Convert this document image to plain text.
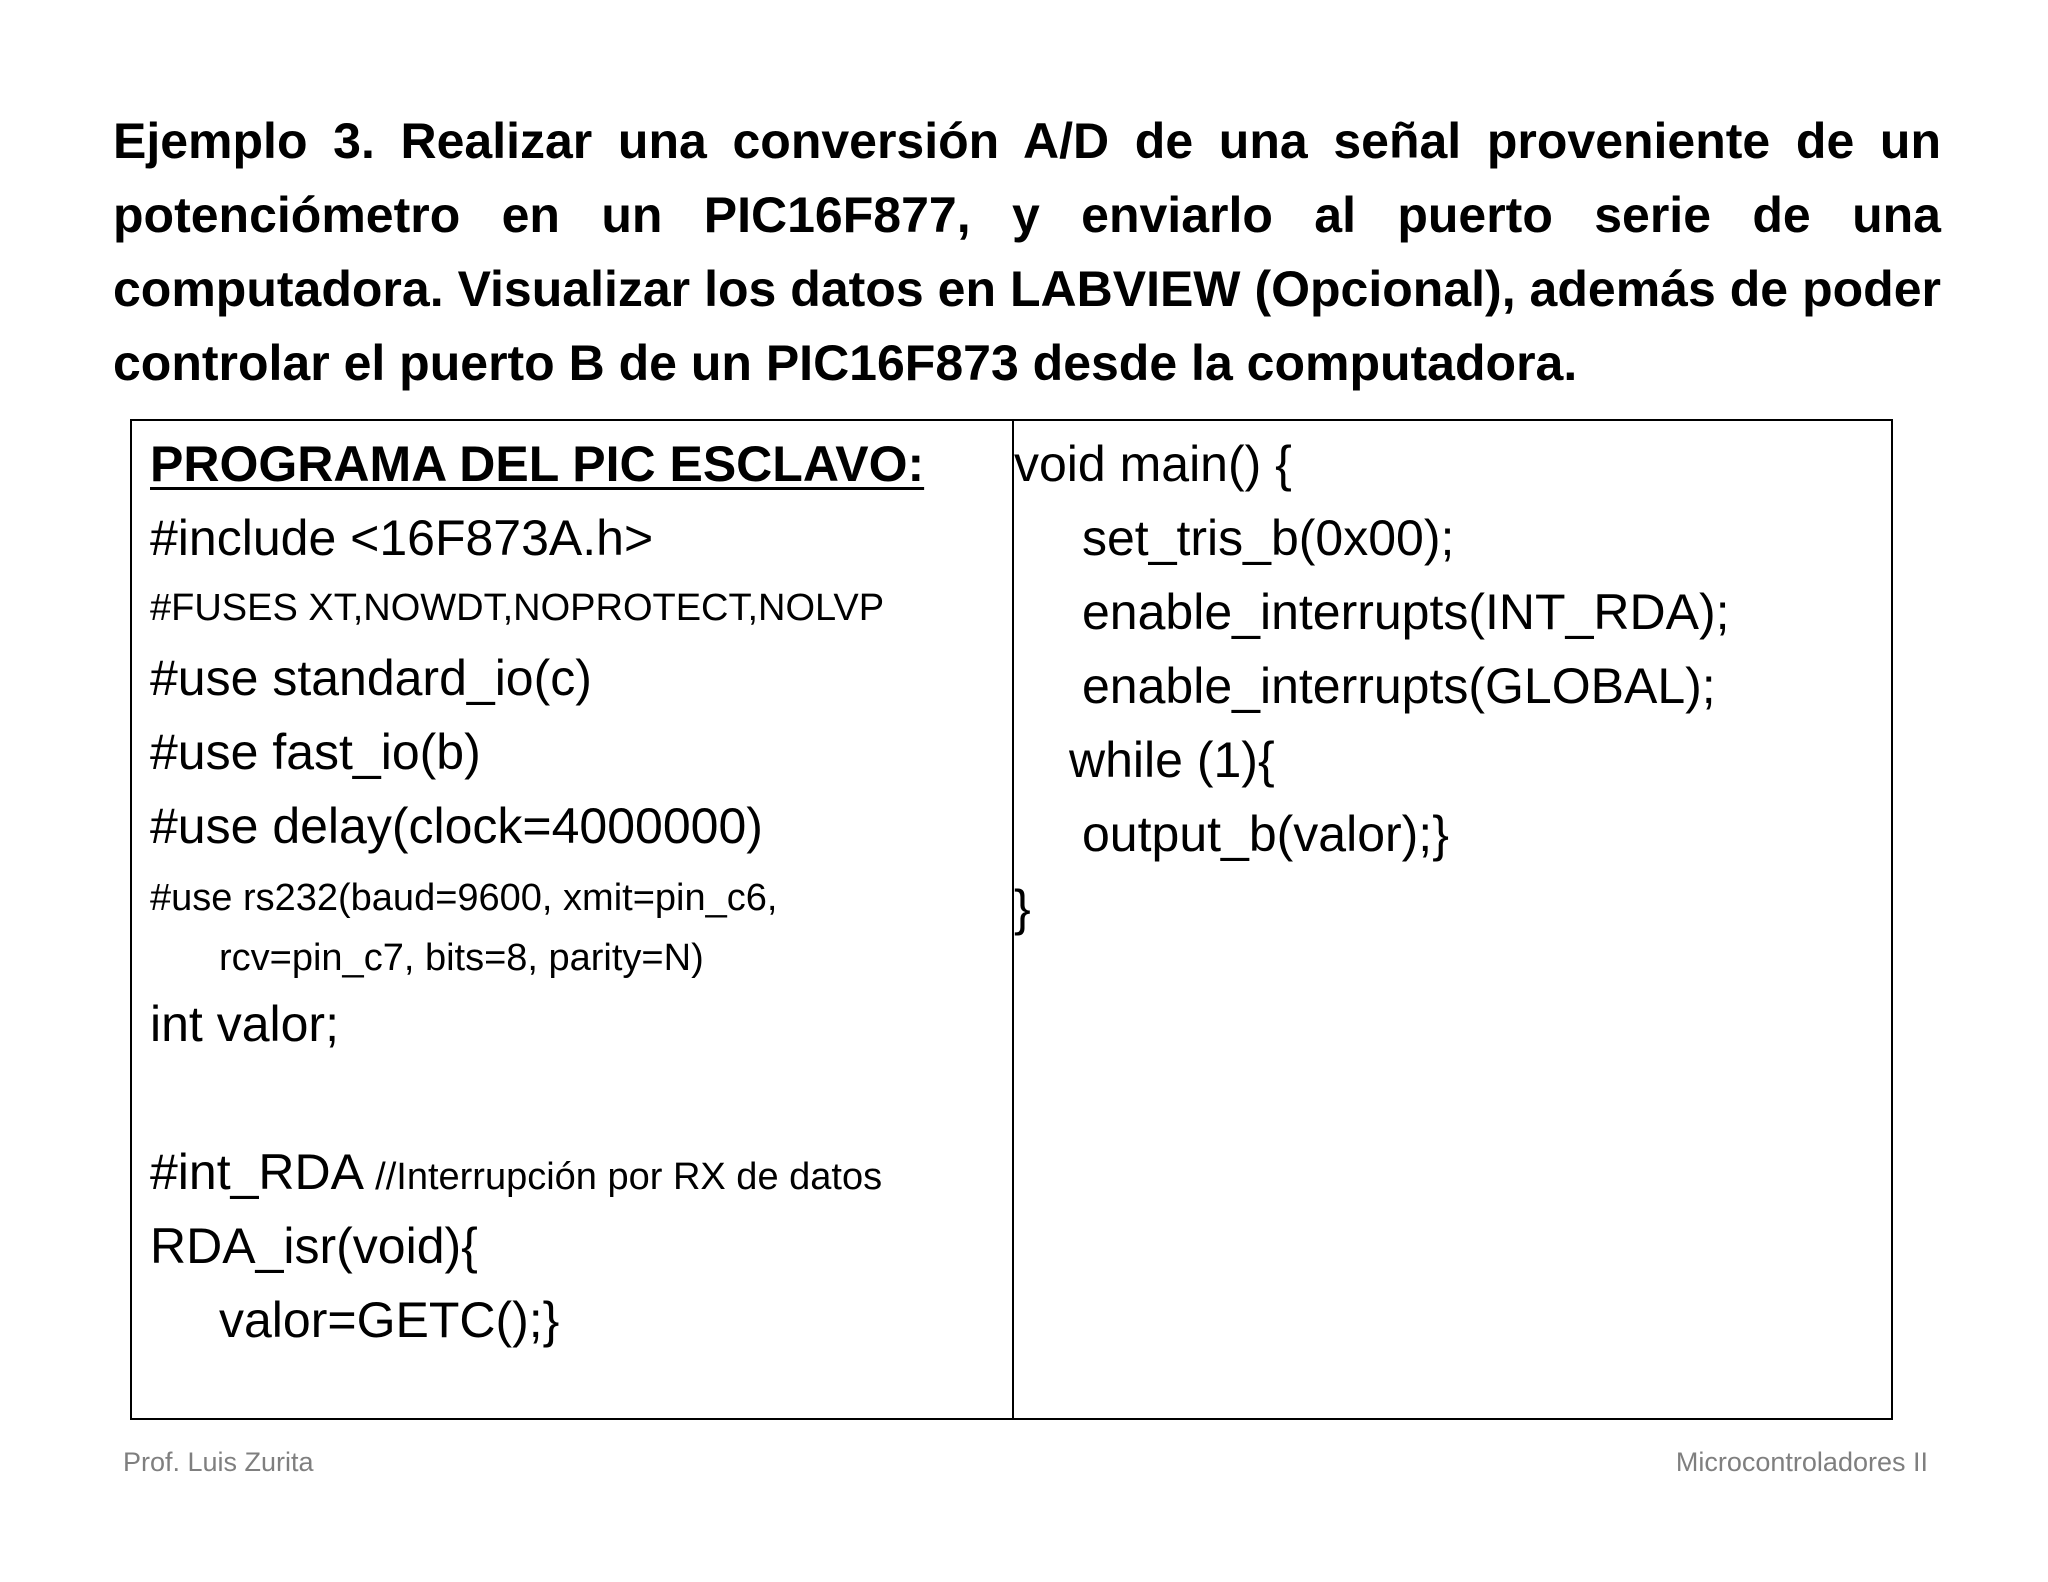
Ejemplo 3. Realizar una conversión A/D de una señal proveniente de un potenciómetro en un PIC16F877, y enviarlo al puerto serie de una computadora. Visualizar los datos en LABVIEW (Opcional), además de poder controlar el puerto B de un PIC16F873 desde la computadora.
PROGRAMA DEL PIC ESCLAVO:
#include <16F873A.h>
#FUSES XT,NOWDT,NOPROTECT,NOLVP
#use standard_io(c)
#use fast_io(b)
#use delay(clock=4000000)
#use rs232(baud=9600, xmit=pin_c6,
rcv=pin_c7, bits=8, parity=N)
int valor;
#int_RDA //Interrupción por RX de datos
RDA_isr(void){
valor=GETC();}
void main() {
set_tris_b(0x00);
enable_interrupts(INT_RDA);
enable_interrupts(GLOBAL);
while (1){
output_b(valor);}
}
Prof. Luis Zurita	Microcontroladores II
